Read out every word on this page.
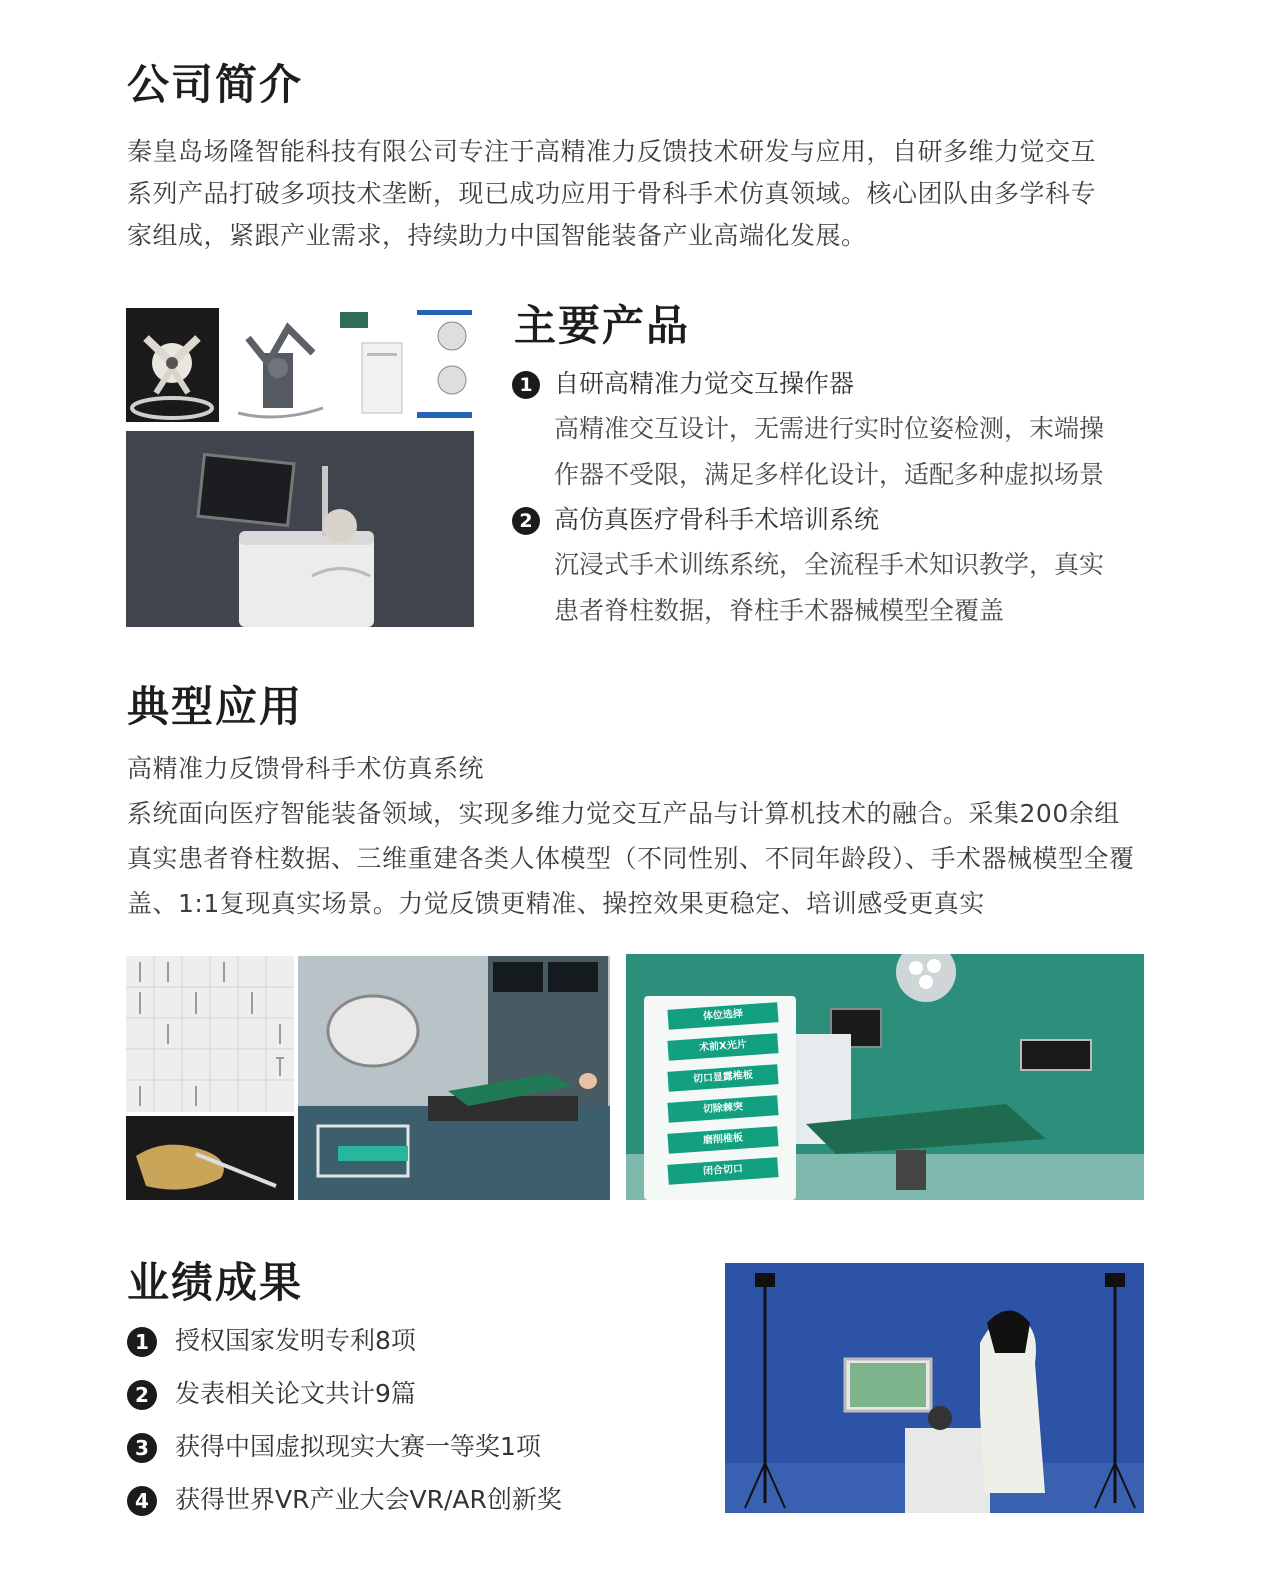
公司简介

秦皇岛场隆智能科技有限公司专注于高精准力反馈技术研发与应用，自研多维力觉交互

系列产品打破多项技术垄断，现已成功应用于骨科手术仿真领域。核心团队由多学科专

家组成，紧跟产业需求，持续助力中国智能装备产业高端化发展。

主要产品
1 自研高精准力觉交互操作器
高精准交互设计，无需进行实时位姿检测，末端操
作器不受限，满足多样化设计，适配多种虚拟场景
2 高仿真医疗骨科手术培训系统
沉浸式手术训练系统，全流程手术知识教学，真实
患者脊柱数据，脊柱手术器械模型全覆盖
典型应用

高精准力反馈骨科手术仿真系统

系统面向医疗智能装备领域，实现多维力觉交互产品与计算机技术的融合。采集200余组

真实患者脊柱数据、三维重建各类人体模型（不同性别、不同年龄段）、手术器械模型全覆

盖、1:1复现真实场景。力觉反馈更精准、操控效果更稳定、培训感受更真实

体位选择
术前X光片
切口显露椎板
切除棘突
磨削椎板
闭合切口
业绩成果
1 授权国家发明专利8项
2 发表相关论文共计9篇
3 获得中国虚拟现实大赛一等奖1项
4 获得世界VR产业大会VR/AR创新奖
